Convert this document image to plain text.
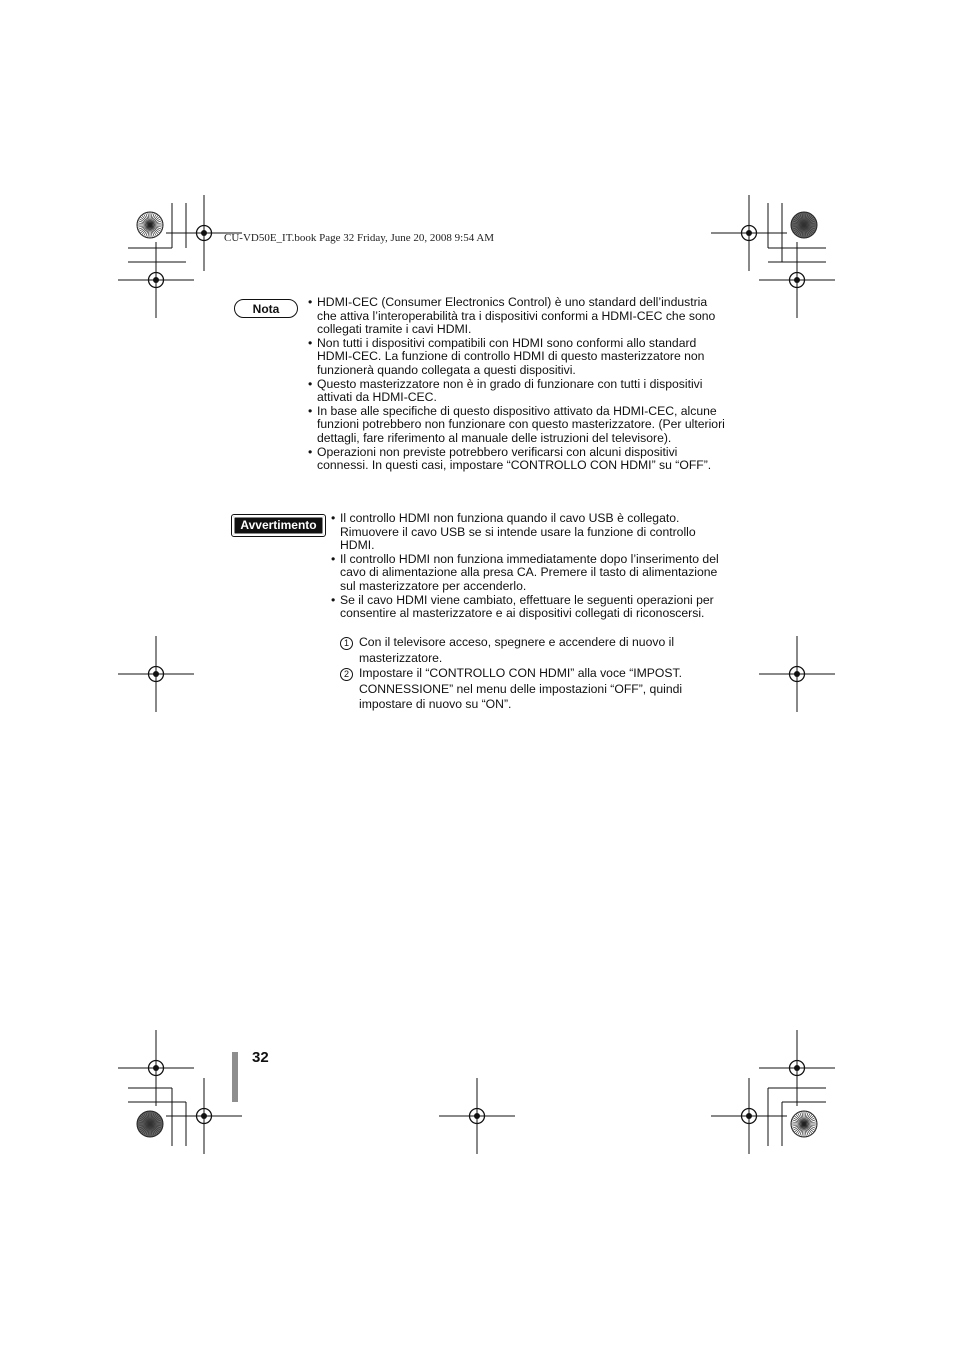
CU-VD50E_IT.book Page 32 Friday, June 20, 2008 9:54 AM
Nota	• HDMI-CEC (Consumer Electronics Control) è uno standard dell’industria che attiva l’interoperabilità tra i dispositivi conformi a HDMI-CEC che sono collegati tramite i cavi HDMI.
• Non tutti i dispositivi compatibili con HDMI sono conformi allo standard HDMI-CEC. La funzione di controllo HDMI di questo masterizzatore non funzionerà quando collegata a questi dispositivi.
• Questo masterizzatore non è in grado di funzionare con tutti i dispositivi attivati da HDMI-CEC.
• In base alle specifiche di questo dispositivo attivato da HDMI-CEC, alcune funzioni potrebbero non funzionare con questo masterizzatore. (Per ulteriori dettagli, fare riferimento al manuale delle istruzioni del televisore).
• Operazioni non previste potrebbero verificarsi con alcuni dispositivi connessi. In questi casi, impostare “CONTROLLO CON HDMI” su “OFF”.
Avvertimento	• Il controllo HDMI non funziona quando il cavo USB è collegato. Rimuovere il cavo USB se si intende usare la funzione di controllo HDMI.
• Il controllo HDMI non funziona immediatamente dopo l’inserimento del cavo di alimentazione alla presa CA. Premere il tasto di alimentazione sul masterizzatore per accenderlo.
• Se il cavo HDMI viene cambiato, effettuare le seguenti operazioni per consentire al masterizzatore e ai dispositivi collegati di riconoscersi.
1 Con il televisore acceso, spegnere e accendere di nuovo il masterizzatore.
2 Impostare il “CONTROLLO CON HDMI” alla voce “IMPOST. CONNESSIONE” nel menu delle impostazioni “OFF”, quindi impostare di nuovo su “ON”.
32
